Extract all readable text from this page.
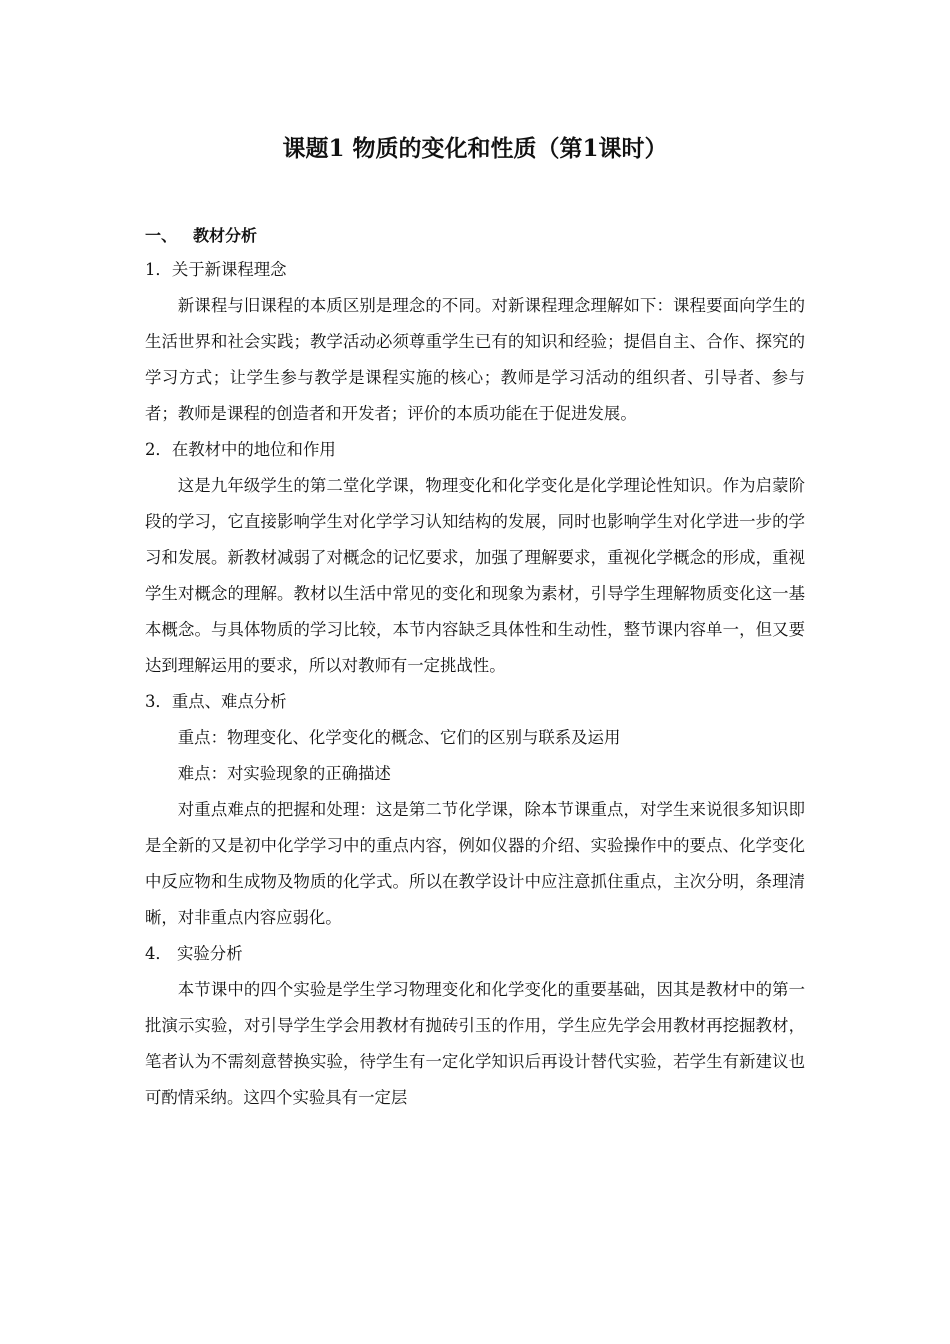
课题1 物质的变化和性质（第1课时）
一、 教材分析

1．关于新课程理念

新课程与旧课程的本质区别是理念的不同。对新课程理念理解如下：课程要面向学生的生活世界和社会实践；教学活动必须尊重学生已有的知识和经验；提倡自主、合作、探究的学习方式；让学生参与教学是课程实施的核心；教师是学习活动的组织者、引导者、参与者；教师是课程的创造者和开发者；评价的本质功能在于促进发展。

2．在教材中的地位和作用

这是九年级学生的第二堂化学课，物理变化和化学变化是化学理论性知识。作为启蒙阶段的学习，它直接影响学生对化学学习认知结构的发展，同时也影响学生对化学进一步的学习和发展。新教材减弱了对概念的记忆要求，加强了理解要求，重视化学概念的形成，重视学生对概念的理解。教材以生活中常见的变化和现象为素材，引导学生理解物质变化这一基本概念。与具体物质的学习比较，本节内容缺乏具体性和生动性，整节课内容单一，但又要达到理解运用的要求，所以对教师有一定挑战性。

3．重点、难点分析

重点：物理变化、化学变化的概念、它们的区别与联系及运用

难点：对实验现象的正确描述

对重点难点的把握和处理：这是第二节化学课，除本节课重点，对学生来说很多知识即是全新的又是初中化学学习中的重点内容，例如仪器的介绍、实验操作中的要点、化学变化中反应物和生成物及物质的化学式。所以在教学设计中应注意抓住重点，主次分明，条理清晰，对非重点内容应弱化。

4． 实验分析

本节课中的四个实验是学生学习物理变化和化学变化的重要基础，因其是教材中的第一批演示实验，对引导学生学会用教材有抛砖引玉的作用，学生应先学会用教材再挖掘教材，笔者认为不需刻意替换实验，待学生有一定化学知识后再设计替代实验，若学生有新建议也可酌情采纳。这四个实验具有一定层
